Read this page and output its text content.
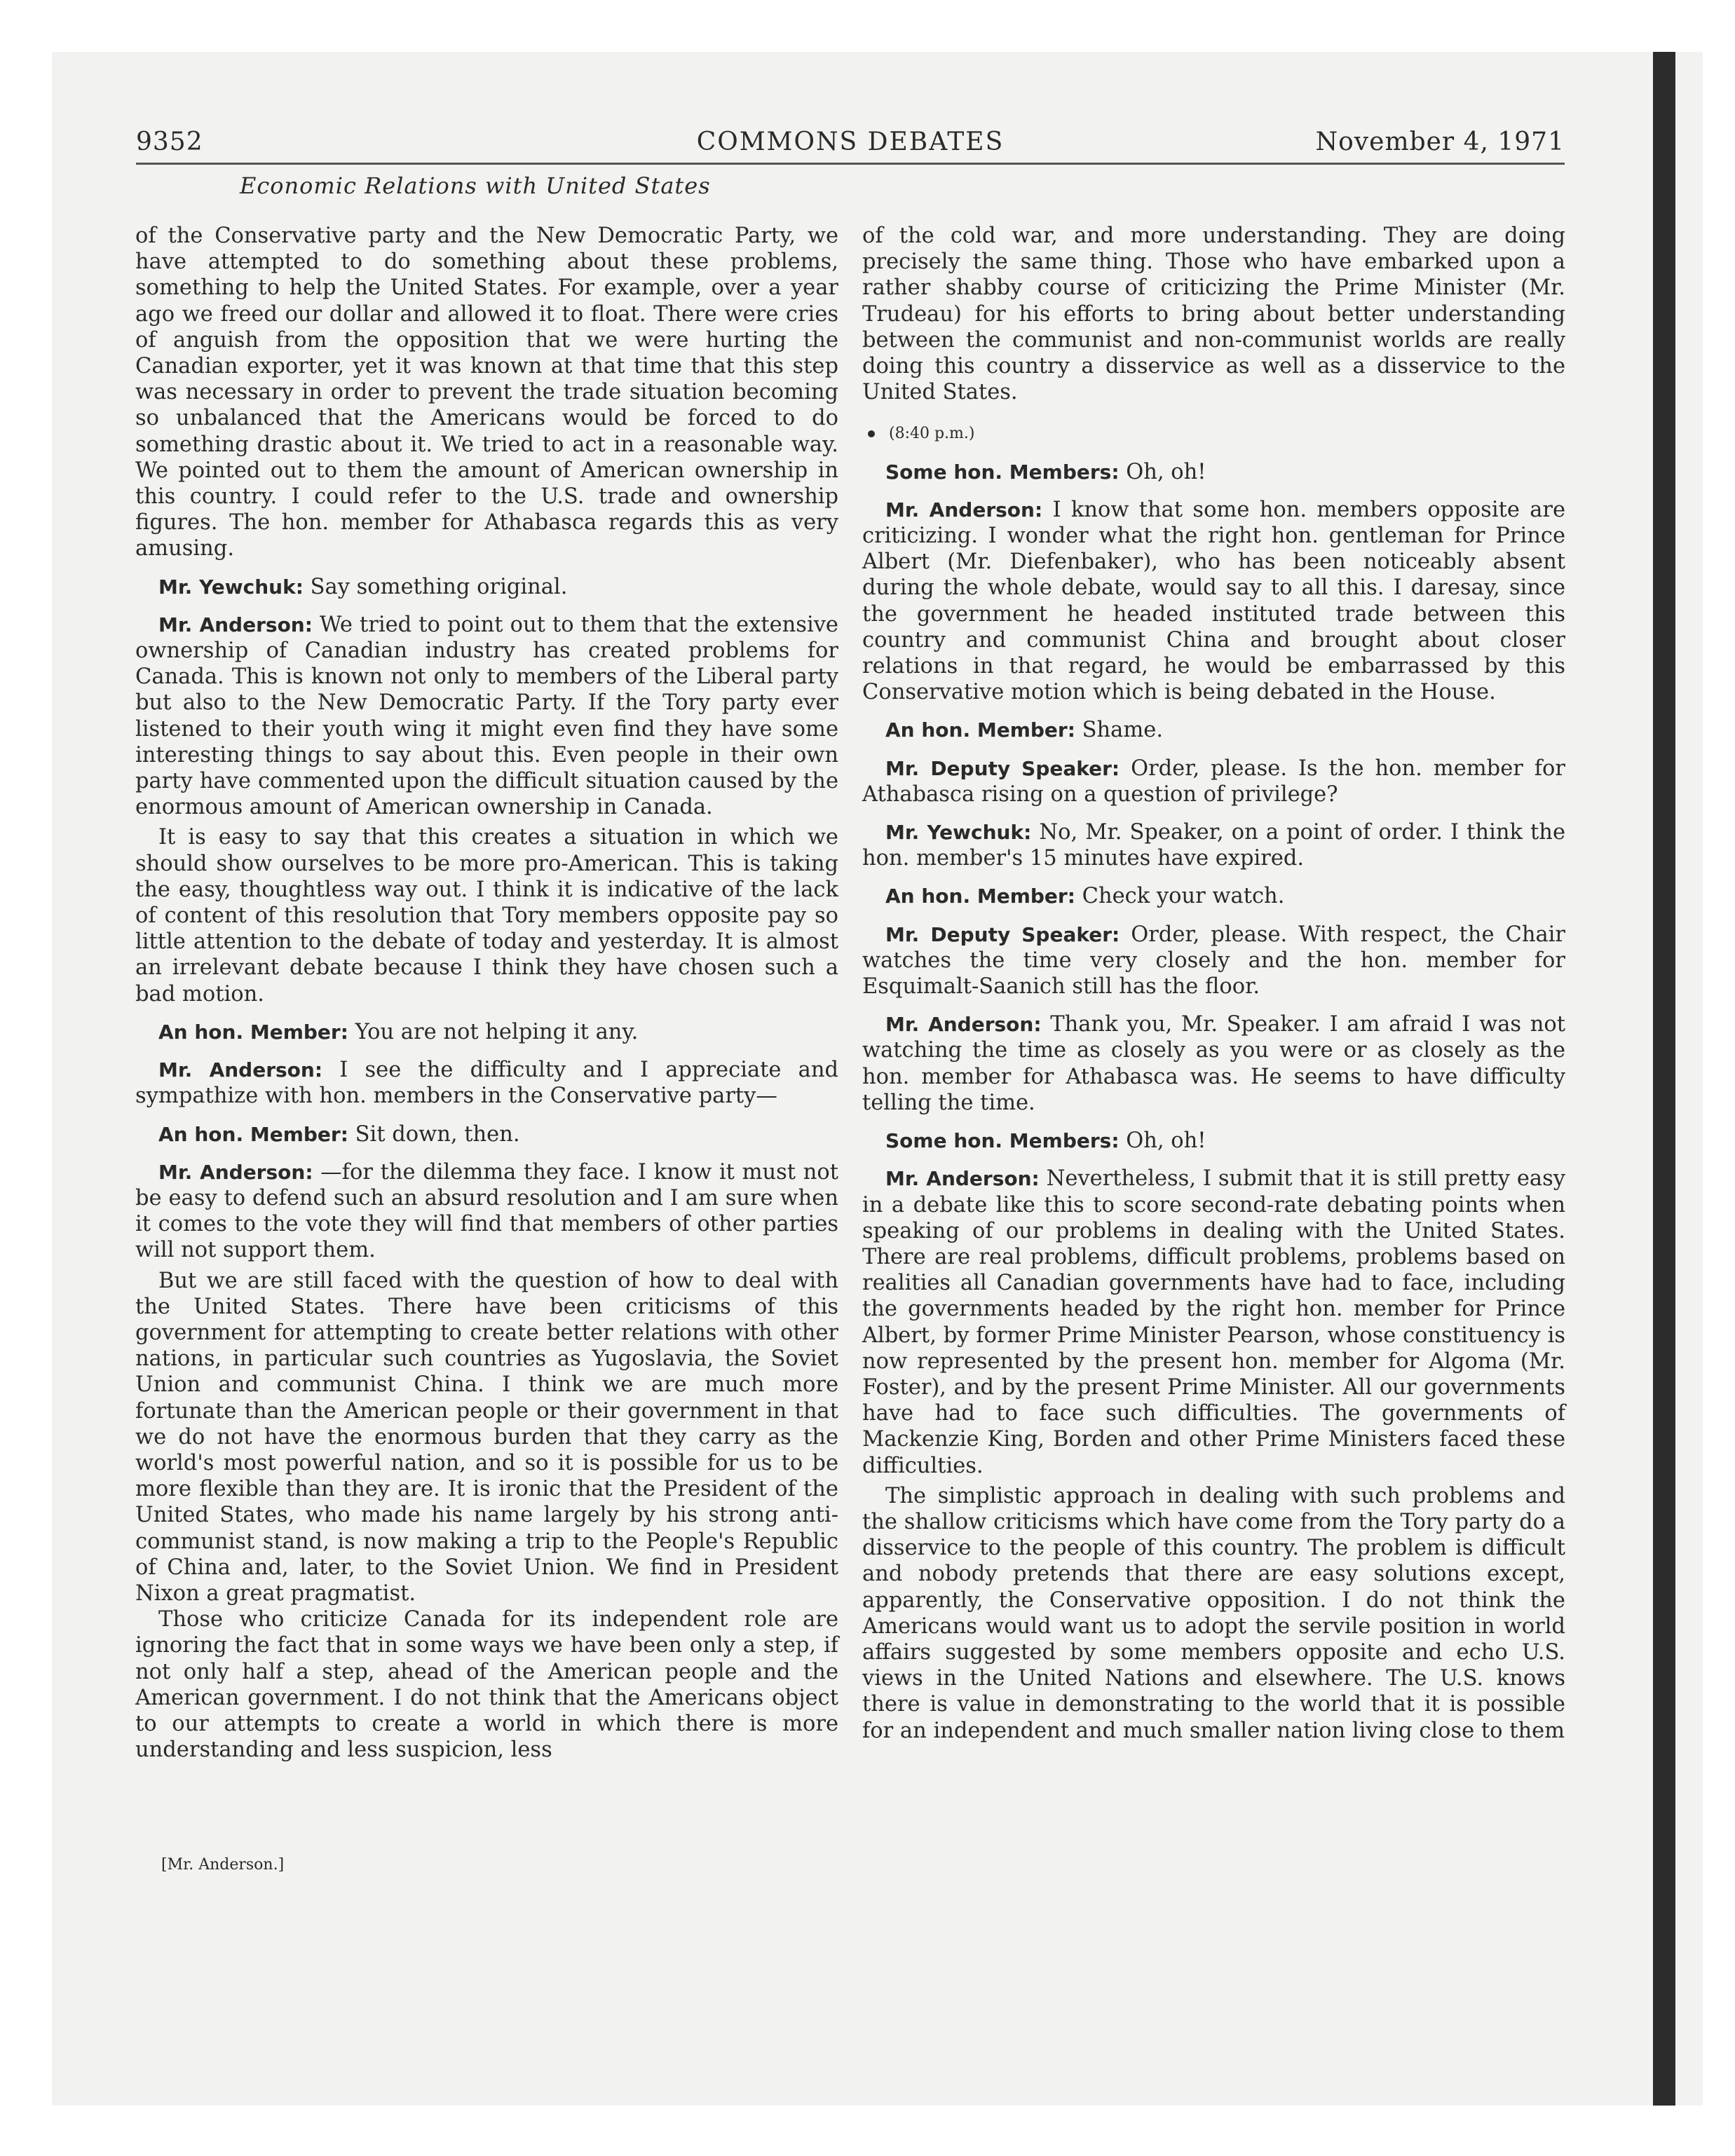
9352	COMMONS DEBATES	November 4, 1971
Economic Relations with United States

of the Conservative party and the New Democratic Party, we have attempted to do something about these problems, something to help the United States. For example, over a year ago we freed our dollar and allowed it to float. There were cries of anguish from the opposition that we were hurting the Canadian exporter, yet it was known at that time that this step was necessary in order to prevent the trade situation becoming so unbalanced that the Americans would be forced to do something drastic about it. We tried to act in a reasonable way. We pointed out to them the amount of American ownership in this country. I could refer to the U.S. trade and ownership figures. The hon. member for Athabasca regards this as very amusing.

Mr. Yewchuk: Say something original.

Mr. Anderson: We tried to point out to them that the extensive ownership of Canadian industry has created problems for Canada. This is known not only to members of the Liberal party but also to the New Democratic Party. If the Tory party ever listened to their youth wing it might even find they have some interesting things to say about this. Even people in their own party have commented upon the difficult situation caused by the enormous amount of American ownership in Canada.

It is easy to say that this creates a situation in which we should show ourselves to be more pro-American. This is taking the easy, thoughtless way out. I think it is indicative of the lack of content of this resolution that Tory members opposite pay so little attention to the debate of today and yesterday. It is almost an irrelevant debate because I think they have chosen such a bad motion.

An hon. Member: You are not helping it any.

Mr. Anderson: I see the difficulty and I appreciate and sympathize with hon. members in the Conservative party—

An hon. Member: Sit down, then.

Mr. Anderson: —for the dilemma they face. I know it must not be easy to defend such an absurd resolution and I am sure when it comes to the vote they will find that members of other parties will not support them.

But we are still faced with the question of how to deal with the United States. There have been criticisms of this government for attempting to create better relations with other nations, in particular such countries as Yugoslavia, the Soviet Union and communist China. I think we are much more fortunate than the American people or their government in that we do not have the enormous burden that they carry as the world's most powerful nation, and so it is possible for us to be more flexible than they are. It is ironic that the President of the United States, who made his name largely by his strong anti-communist stand, is now making a trip to the People's Republic of China and, later, to the Soviet Union. We find in President Nixon a great pragmatist.

Those who criticize Canada for its independent role are ignoring the fact that in some ways we have been only a step, if not only half a step, ahead of the American people and the American government. I do not think that the Americans object to our attempts to create a world in which there is more understanding and less suspicion, less

[Mr. Anderson.]

of the cold war, and more understanding. They are doing precisely the same thing. Those who have embarked upon a rather shabby course of criticizing the Prime Minister (Mr. Trudeau) for his efforts to bring about better understanding between the communist and non-communist worlds are really doing this country a disservice as well as a disservice to the United States.

(8:40 p.m.)

Some hon. Members: Oh, oh!

Mr. Anderson: I know that some hon. members opposite are criticizing. I wonder what the right hon. gentleman for Prince Albert (Mr. Diefenbaker), who has been noticeably absent during the whole debate, would say to all this. I daresay, since the government he headed instituted trade between this country and communist China and brought about closer relations in that regard, he would be embarrassed by this Conservative motion which is being debated in the House.

An hon. Member: Shame.

Mr. Deputy Speaker: Order, please. Is the hon. member for Athabasca rising on a question of privilege?

Mr. Yewchuk: No, Mr. Speaker, on a point of order. I think the hon. member's 15 minutes have expired.

An hon. Member: Check your watch.

Mr. Deputy Speaker: Order, please. With respect, the Chair watches the time very closely and the hon. member for Esquimalt-Saanich still has the floor.

Mr. Anderson: Thank you, Mr. Speaker. I am afraid I was not watching the time as closely as you were or as closely as the hon. member for Athabasca was. He seems to have difficulty telling the time.

Some hon. Members: Oh, oh!

Mr. Anderson: Nevertheless, I submit that it is still pretty easy in a debate like this to score second-rate debating points when speaking of our problems in dealing with the United States. There are real problems, difficult problems, problems based on realities all Canadian governments have had to face, including the governments headed by the right hon. member for Prince Albert, by former Prime Minister Pearson, whose constituency is now represented by the present hon. member for Algoma (Mr. Foster), and by the present Prime Minister. All our governments have had to face such difficulties. The governments of Mackenzie King, Borden and other Prime Ministers faced these difficulties.

The simplistic approach in dealing with such problems and the shallow criticisms which have come from the Tory party do a disservice to the people of this country. The problem is difficult and nobody pretends that there are easy solutions except, apparently, the Conservative opposition. I do not think the Americans would want us to adopt the servile position in world affairs suggested by some members opposite and echo U.S. views in the United Nations and elsewhere. The U.S. knows there is value in demonstrating to the world that it is possible for an independent and much smaller nation living close to them
